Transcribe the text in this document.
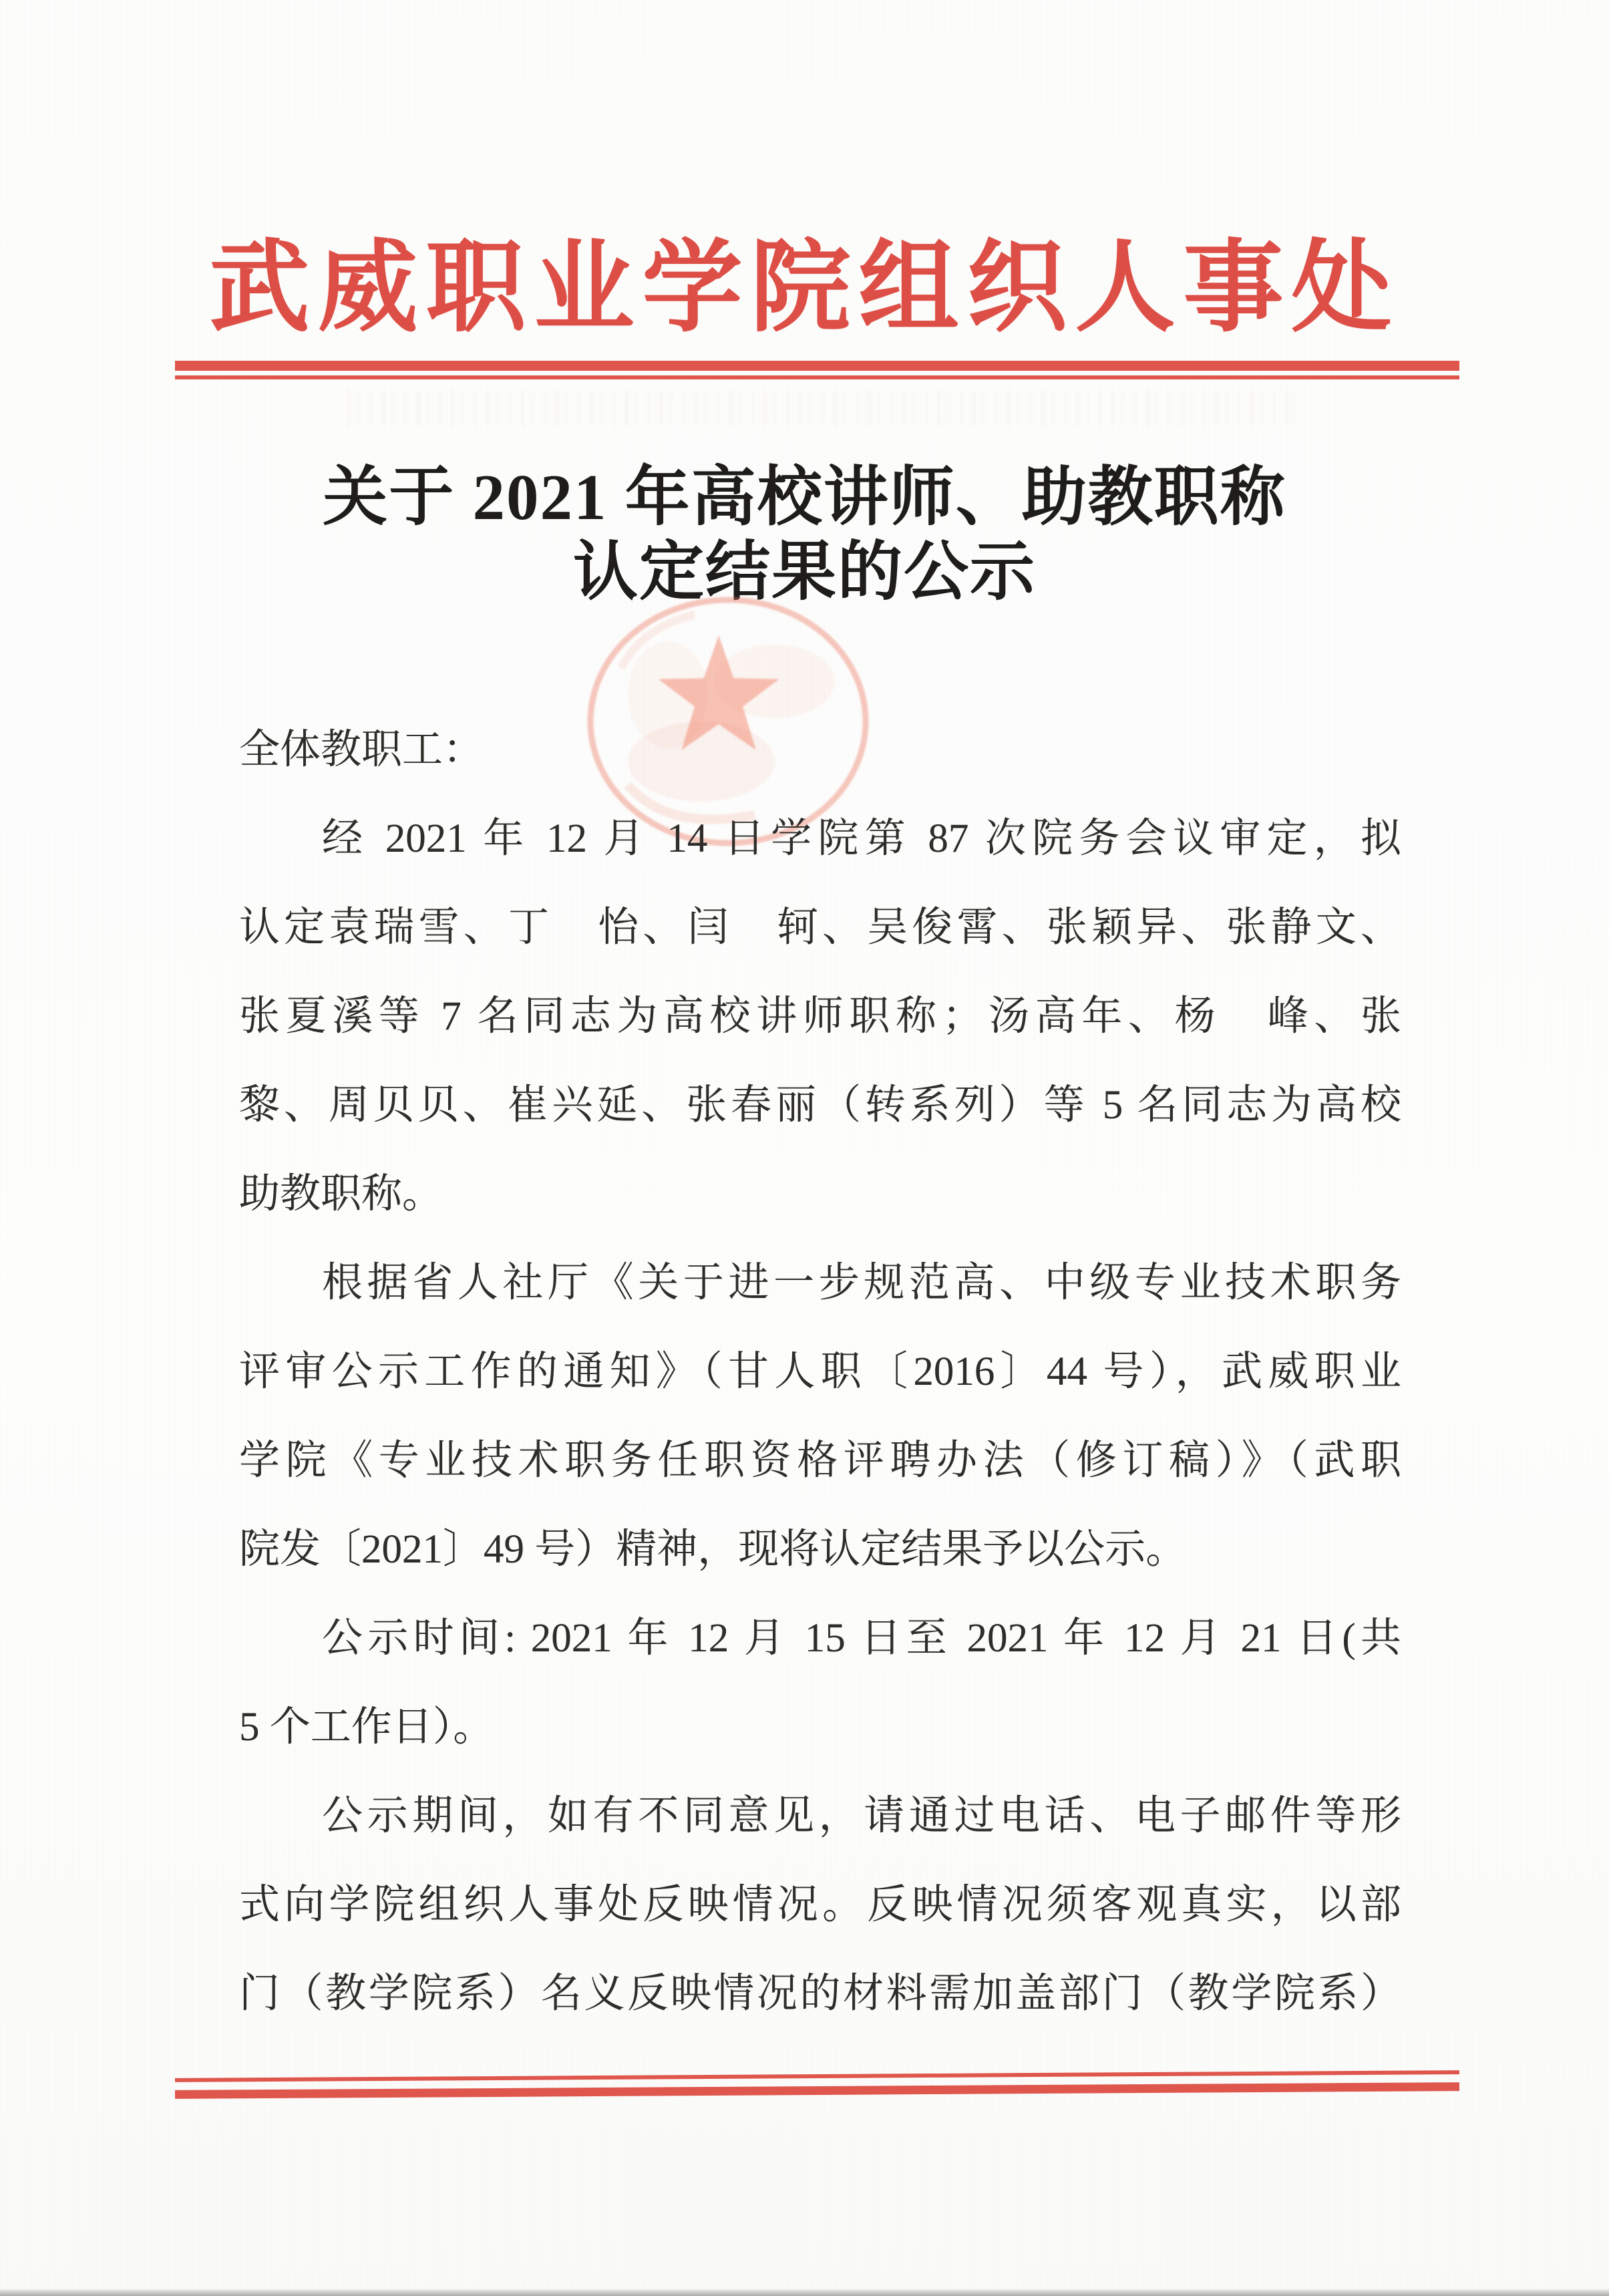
武威职业学院组织人事处
关于 2021 年高校讲师、助教职称
认定结果的公示
全体教职工：
经 2021 年 12 月 14 日学院第 87 次院务会议审定，拟
认定袁瑞雪、丁　怡、闫　轲、吴俊霄、张颖异、张静文、
张夏溪等 7 名同志为高校讲师职称；汤高年、杨　峰、张
黎、周贝贝、崔兴延、张春丽（转系列）等 5 名同志为高校
助教职称。
根据省人社厅《关于进一步规范高、中级专业技术职务
评审公示工作的通知》（甘人职〔2016〕44 号），武威职业
学院《专业技术职务任职资格评聘办法（修订稿）》（武职
院发〔2021〕49 号）精神，现将认定结果予以公示。
公示时间: 2021 年 12 月 15 日至 2021 年 12 月 21 日(共
5 个工作日）。
公示期间，如有不同意见，请通过电话、电子邮件等形
式向学院组织人事处反映情况。反映情况须客观真实，以部
门（教学院系）名义反映情况的材料需加盖部门（教学院系）
